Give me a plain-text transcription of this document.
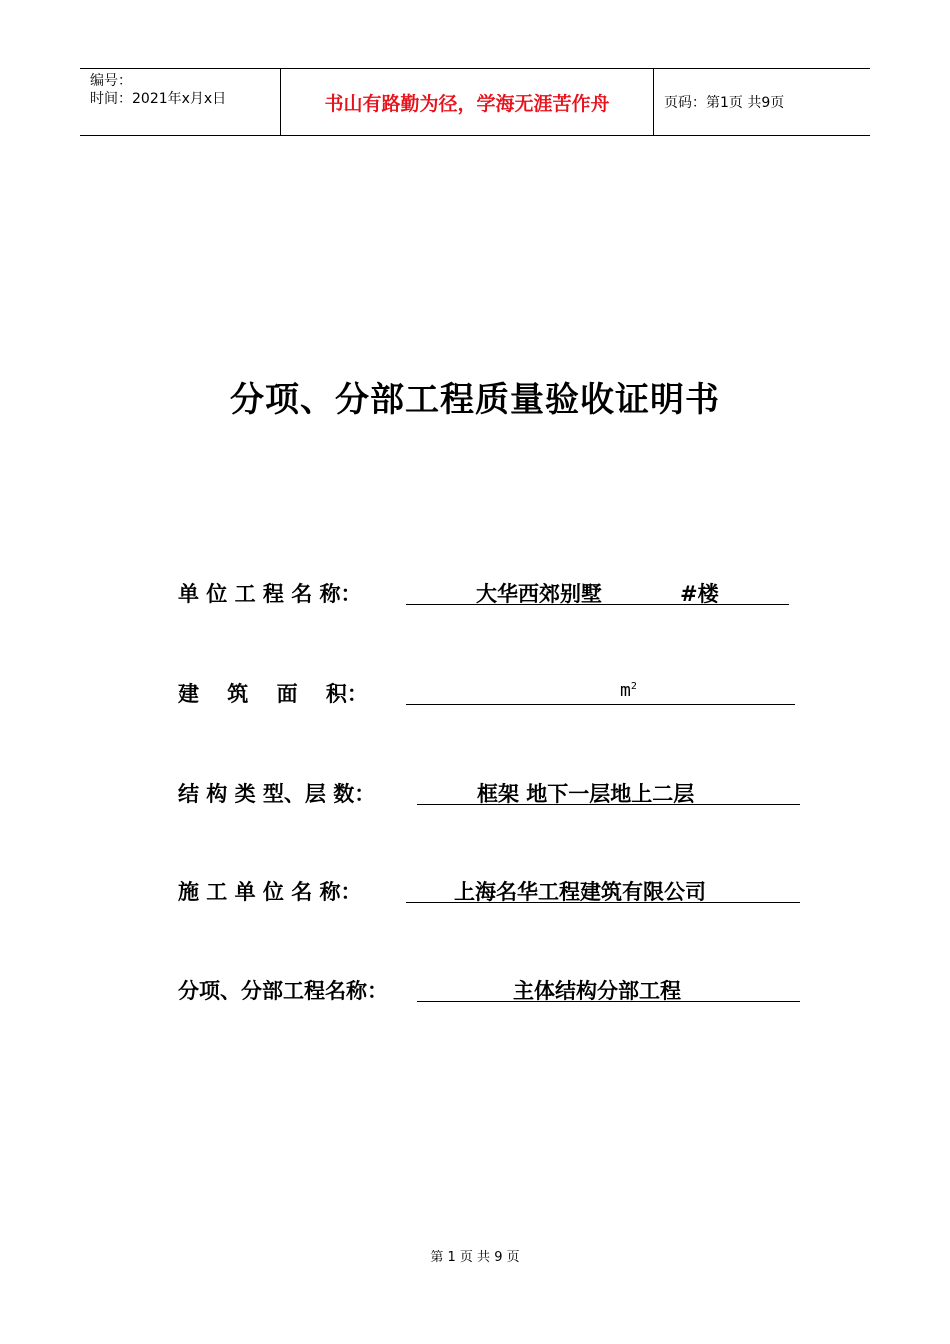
编号：
时间：2021年x月x日	书山有路勤为径，学海无涯苦作舟	页码：第1页 共9页
分项、分部工程质量验收证明书
单 位 工 程 名 称：	大华西郊别墅	#楼
建　 筑　 面　 积：	$m^2$
结 构 类 型、层 数：	框架 地下一层地上二层
施 工 单 位 名 称：	上海名华工程建筑有限公司
分项、分部工程名称：	主体结构分部工程
第 1 页 共 9 页
